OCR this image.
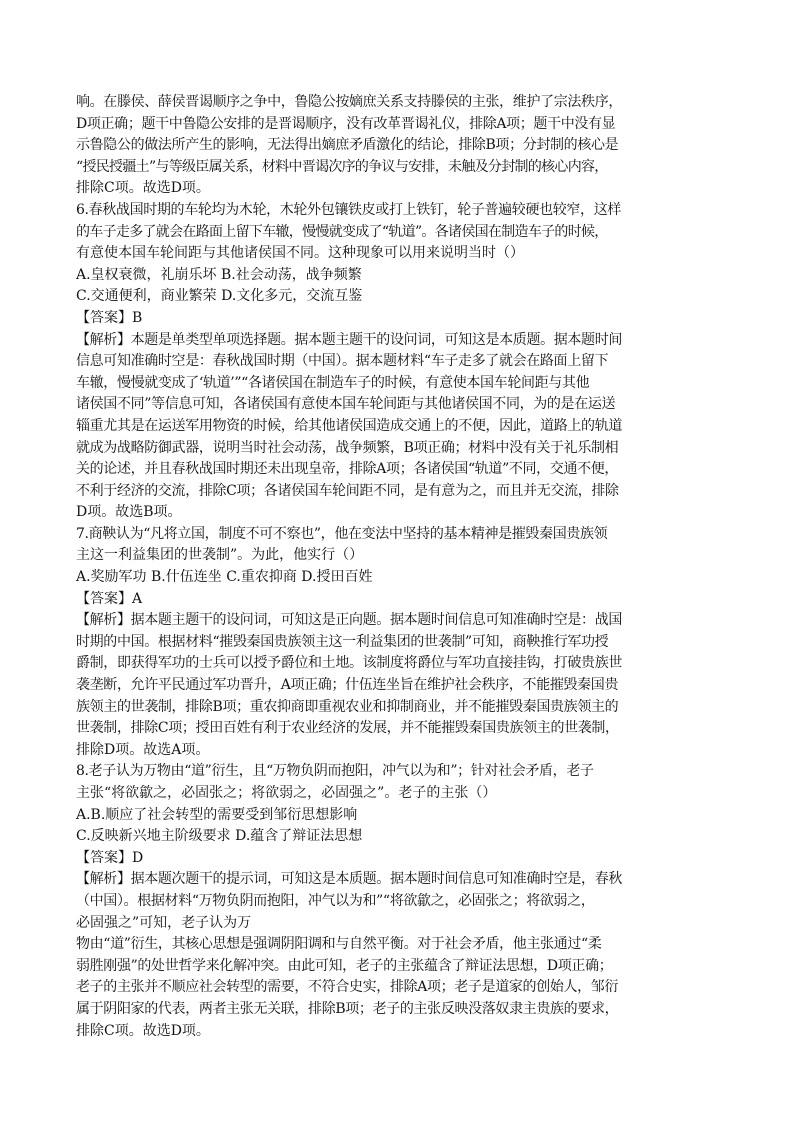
响。在滕侯、薛侯晋谒顺序之争中，鲁隐公按嫡庶关系支持滕侯的主张，维护了宗法秩序，
D项正确；题干中鲁隐公安排的是晋谒顺序，没有改革晋谒礼仪，排除A项；题干中没有显
示鲁隐公的做法所产生的影响，无法得出嫡庶矛盾激化的结论，排除B项；分封制的核心是
“授民授疆土”与等级臣属关系，材料中晋谒次序的争议与安排，未触及分封制的核心内容，
排除C项。故选D项。
6.春秋战国时期的车轮均为木轮，木轮外包镶铁皮或打上铁钉，轮子普遍较硬也较窄，这样
的车子走多了就会在路面上留下车辙，慢慢就变成了“轨道”。各诸侯国在制造车子的时候，
有意使本国车轮间距与其他诸侯国不同。这种现象可以用来说明当时（）
A.皇权衰微，礼崩乐坏 B.社会动荡，战争频繁
C.交通便利，商业繁荣 D.文化多元，交流互鉴
【答案】B
【解析】本题是单类型单项选择题。据本题主题干的设问词，可知这是本质题。据本题时间
信息可知准确时空是：春秋战国时期（中国）。据本题材料“车子走多了就会在路面上留下
车辙，慢慢就变成了‘轨道’”“各诸侯国在制造车子的时候，有意使本国车轮间距与其他
诸侯国不同”等信息可知，各诸侯国有意使本国车轮间距与其他诸侯国不同，为的是在运送
辎重尤其是在运送军用物资的时候，给其他诸侯国造成交通上的不便，因此，道路上的轨道
就成为战略防御武器，说明当时社会动荡，战争频繁，B项正确；材料中没有关于礼乐制相
关的论述，并且春秋战国时期还未出现皇帝，排除A项；各诸侯国“轨道”不同，交通不便，
不利于经济的交流，排除C项；各诸侯国车轮间距不同，是有意为之，而且并无交流，排除
D项。故选B项。
7.商鞅认为“凡将立国，制度不可不察也”，他在变法中坚持的基本精神是摧毁秦国贵族领
主这一利益集团的世袭制”。为此，他实行（）
A.奖励军功 B.什伍连坐 C.重农抑商 D.授田百姓
【答案】A
【解析】据本题主题干的设问词，可知这是正向题。据本题时间信息可知准确时空是：战国
时期的中国。根据材料“摧毁秦国贵族领主这一利益集团的世袭制”可知，商鞅推行军功授
爵制，即获得军功的士兵可以授予爵位和土地。该制度将爵位与军功直接挂钩，打破贵族世
袭垄断，允许平民通过军功晋升，A项正确；什伍连坐旨在维护社会秩序，不能摧毁秦国贵
族领主的世袭制，排除B项；重农抑商即重视农业和抑制商业，并不能摧毁秦国贵族领主的
世袭制，排除C项；授田百姓有利于农业经济的发展，并不能摧毁秦国贵族领主的世袭制，
排除D项。故选A项。
8.老子认为万物由“道”衍生，且“万物负阴而抱阳，冲气以为和”；针对社会矛盾，老子
主张“将欲歙之，必固张之；将欲弱之，必固强之”。老子的主张（）
A.B.顺应了社会转型的需要受到邹衍思想影响
C.反映新兴地主阶级要求 D.蕴含了辩证法思想
【答案】D
【解析】据本题次题干的提示词，可知这是本质题。据本题时间信息可知准确时空是，春秋
（中国）。根据材料“万物负阴而抱阳，冲气以为和”“将欲歙之，必固张之；将欲弱之，
必固强之”可知，老子认为万
物由“道”衍生，其核心思想是强调阴阳调和与自然平衡。对于社会矛盾，他主张通过“柔
弱胜刚强”的处世哲学来化解冲突。由此可知，老子的主张蕴含了辩证法思想，D项正确；
老子的主张并不顺应社会转型的需要，不符合史实，排除A项；老子是道家的创始人，邹衍
属于阴阳家的代表，两者主张无关联，排除B项；老子的主张反映没落奴隶主贵族的要求，
排除C项。故选D项。
